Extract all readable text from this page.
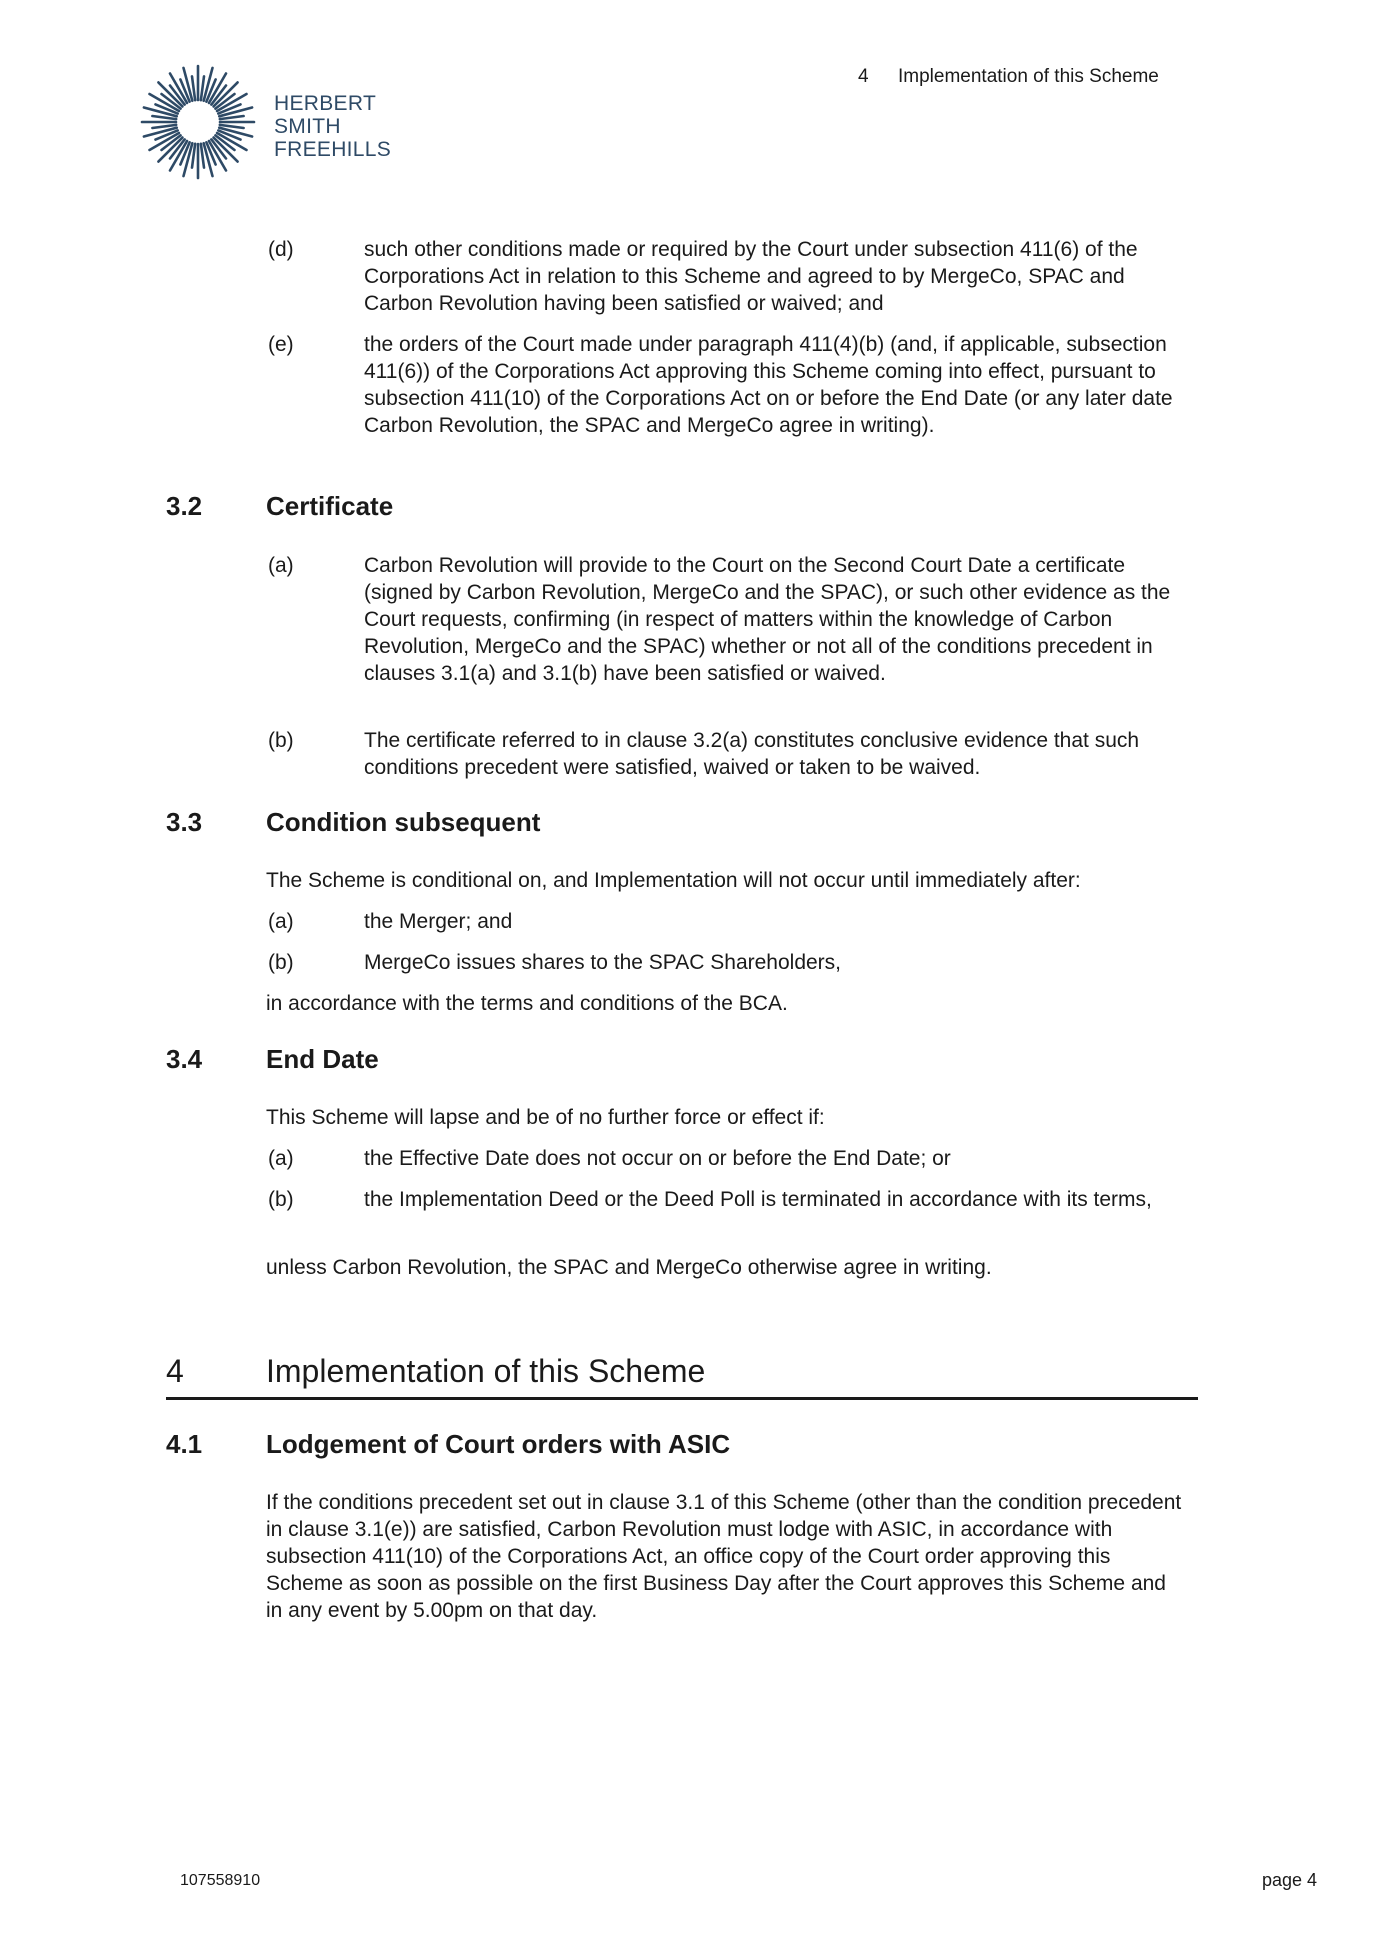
HERBERT
SMITH
FREEHILLS
4 Implementation of this Scheme
(d)	such other conditions made or required by the Court under subsection 411(6) of the Corporations Act in relation to this Scheme and agreed to by MergeCo, SPAC and Carbon Revolution having been satisfied or waived; and
(e)	the orders of the Court made under paragraph 411(4)(b) (and, if applicable, subsection 411(6)) of the Corporations Act approving this Scheme coming into effect, pursuant to subsection 411(10) of the Corporations Act on or before the End Date (or any later date Carbon Revolution, the SPAC and MergeCo agree in writing).
3.2 Certificate
(a)	Carbon Revolution will provide to the Court on the Second Court Date a certificate (signed by Carbon Revolution, MergeCo and the SPAC), or such other evidence as the Court requests, confirming (in respect of matters within the knowledge of Carbon Revolution, MergeCo and the SPAC) whether or not all of the conditions precedent in clauses 3.1(a) and 3.1(b) have been satisfied or waived.
(b)	The certificate referred to in clause 3.2(a) constitutes conclusive evidence that such conditions precedent were satisfied, waived or taken to be waived.
3.3 Condition subsequent
The Scheme is conditional on, and Implementation will not occur until immediately after:
(a)	the Merger; and
(b)	MergeCo issues shares to the SPAC Shareholders,
in accordance with the terms and conditions of the BCA.
3.4 End Date
This Scheme will lapse and be of no further force or effect if:
(a)	the Effective Date does not occur on or before the End Date; or
(b)	the Implementation Deed or the Deed Poll is terminated in accordance with its terms,
unless Carbon Revolution, the SPAC and MergeCo otherwise agree in writing.
4	Implementation of this Scheme
4.1 Lodgement of Court orders with ASIC
If the conditions precedent set out in clause 3.1 of this Scheme (other than the condition precedent in clause 3.1(e)) are satisfied, Carbon Revolution must lodge with ASIC, in accordance with subsection 411(10) of the Corporations Act, an office copy of the Court order approving this Scheme as soon as possible on the first Business Day after the Court approves this Scheme and in any event by 5.00pm on that day.
107558910	page 4
